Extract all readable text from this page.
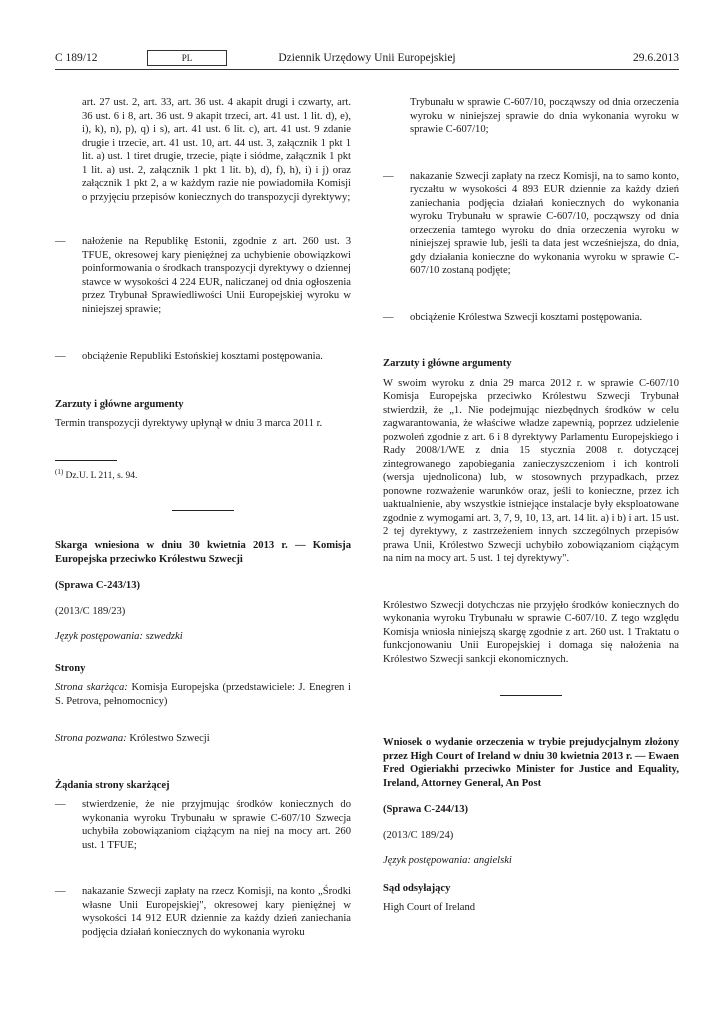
C 189/12	PL	Dziennik Urzędowy Unii Europejskiej	29.6.2013

art. 27 ust. 2, art. 33, art. 36 ust. 4 akapit drugi i czwarty, art. 36 ust. 6 i 8, art. 36 ust. 9 akapit trzeci, art. 41 ust. 1 lit. d), e), i), k), n), p), q) i s), art. 41 ust. 6 lit. c), art. 41 ust. 9 zdanie drugie i trzecie, art. 41 ust. 10, art. 44 ust. 3, załącznik 1 pkt 1 lit. a) ust. 1 tiret drugie, trzecie, piąte i siódme, załącznik 1 pkt 1 lit. a) ust. 2, załącznik 1 pkt 1 lit. b), d), f), h), i) i j) oraz załącznik 1 pkt 2, a w każdym razie nie powiadomiła Komisji o przyjęciu przepisów koniecznych do transpozycji dyrektywy;

— nałożenie na Republikę Estonii, zgodnie z art. 260 ust. 3 TFUE, okresowej kary pieniężnej za uchybienie obowiązkowi poinformowania o środkach transpozycji dyrektywy o dziennej stawce w wysokości 4 224 EUR, naliczanej od dnia ogłoszenia przez Trybunał Sprawiedliwości Unii Europejskiej wyroku w niniejszej sprawie;

— obciążenie Republiki Estońskiej kosztami postępowania.

Zarzuty i główne argumenty

Termin transpozycji dyrektywy upłynął w dniu 3 marca 2011 r.

$^{(1)}$ Dz.U. L 211, s. 94.

Skarga wniesiona w dniu 30 kwietnia 2013 r. — Komisja Europejska przeciwko Królestwu Szwecji

(Sprawa C-243/13)

(2013/C 189/23)

Język postępowania: szwedzki

Strony

Strona skarżąca: Komisja Europejska (przedstawiciele: J. Enegren i S. Petrova, pełnomocnicy)

Strona pozwana: Królestwo Szwecji

Żądania strony skarżącej

— stwierdzenie, że nie przyjmując środków koniecznych do wykonania wyroku Trybunału w sprawie C-607/10 Szwecja uchybiła zobowiązaniom ciążącym na niej na mocy art. 260 ust. 1 TFUE;

— nakazanie Szwecji zapłaty na rzecz Komisji, na konto „Środki własne Unii Europejskiej", okresowej kary pieniężnej w wysokości 14 912 EUR dziennie za każdy dzień zaniechania podjęcia działań koniecznych do wykonania wyroku

Trybunału w sprawie C-607/10, począwszy od dnia orzeczenia wyroku w niniejszej sprawie do dnia wykonania wyroku w sprawie C-607/10;

— nakazanie Szwecji zapłaty na rzecz Komisji, na to samo konto, ryczałtu w wysokości 4 893 EUR dziennie za każdy dzień zaniechania podjęcia działań koniecznych do wykonania wyroku Trybunału w sprawie C-607/10, począwszy od dnia orzeczenia tamtego wyroku do dnia orzeczenia wyroku w niniejszej sprawie lub, jeśli ta data jest wcześniejsza, do dnia, gdy działania konieczne do wykonania wyroku w sprawie C-607/10 zostaną podjęte;

— obciążenie Królestwa Szwecji kosztami postępowania.

Zarzuty i główne argumenty

W swoim wyroku z dnia 29 marca 2012 r. w sprawie C-607/10 Komisja Europejska przeciwko Królestwu Szwecji Trybunał stwierdził, że „1. Nie podejmując niezbędnych środków w celu zagwarantowania, że właściwe władze zapewnią, poprzez udzielenie pozwoleń zgodnie z art. 6 i 8 dyrektywy Parlamentu Europejskiego i Rady 2008/1/WE z dnia 15 stycznia 2008 r. dotyczącej zintegrowanego zapobiegania zanieczyszczeniom i ich kontroli (wersja ujednolicona) lub, w stosownych przypadkach, przez ponowne rozważenie warunków oraz, jeśli to konieczne, przez ich uaktualnienie, aby wszystkie istniejące instalacje były eksploatowane zgodnie z wymogami art. 3, 7, 9, 10, 13, art. 14 lit. a) i b) i art. 15 ust. 2 tej dyrektywy, z zastrzeżeniem innych szczególnych przepisów prawa Unii, Królestwo Szwecji uchybiło zobowiązaniom ciążącym na nim na mocy art. 5 ust. 1 tej dyrektywy".

Królestwo Szwecji dotychczas nie przyjęło środków koniecznych do wykonania wyroku Trybunału w sprawie C-607/10. Z tego względu Komisja wniosła niniejszą skargę zgodnie z art. 260 ust. 1 Traktatu o funkcjonowaniu Unii Europejskiej i domaga się nałożenia na Królestwo Szwecji sankcji ekonomicznych.

Wniosek o wydanie orzeczenia w trybie prejudycjalnym złożony przez High Court of Ireland w dniu 30 kwietnia 2013 r. — Ewaen Fred Ogieriakhi przeciwko Minister for Justice and Equality, Ireland, Attorney General, An Post

(Sprawa C-244/13)

(2013/C 189/24)

Język postępowania: angielski

Sąd odsyłający

High Court of Ireland
